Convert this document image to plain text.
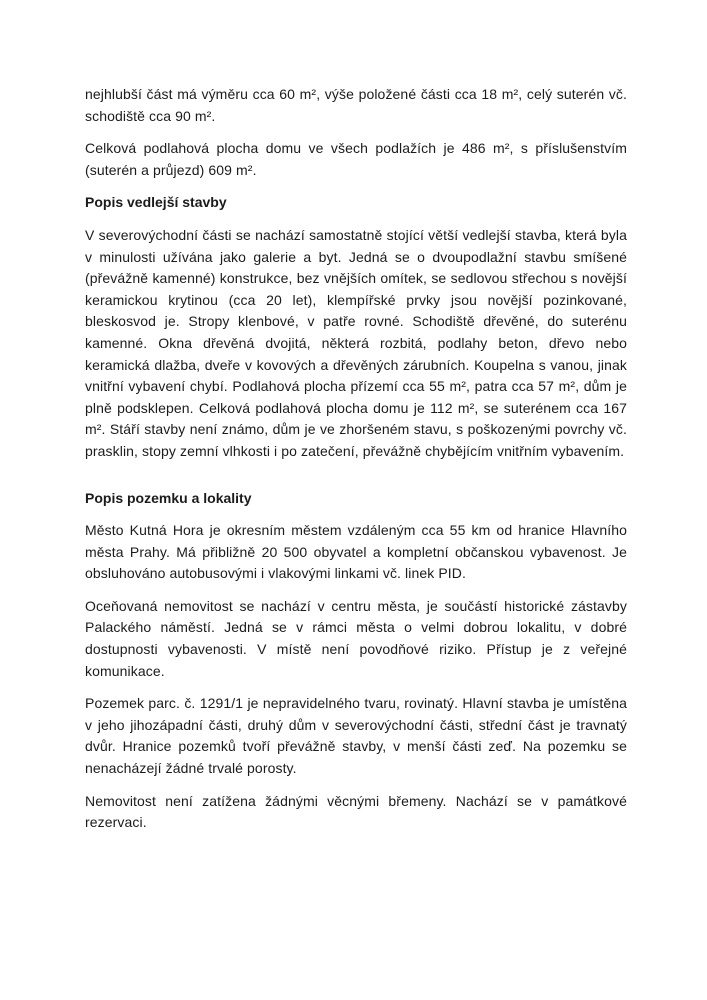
nejhlubší část má výměru cca 60 m², výše položené části cca 18 m², celý suterén vč. schodiště cca 90 m².

Celková podlahová plocha domu ve všech podlažích je 486 m², s příslušenstvím (suterén a průjezd) 609 m².

Popis vedlejší stavby

V severovýchodní části se nachází samostatně stojící větší vedlejší stavba, která byla v minulosti užívána jako galerie a byt. Jedná se o dvoupodlažní stavbu smíšené (převážně kamenné) konstrukce, bez vnějších omítek, se sedlovou střechou s novější keramickou krytinou (cca 20 let), klempířské prvky jsou novější pozinkované, bleskosvod je. Stropy klenbové, v patře rovné. Schodiště dřevěné, do suterénu kamenné. Okna dřevěná dvojitá, některá rozbitá, podlahy beton, dřevo nebo keramická dlažba, dveře v kovových a dřevěných zárubních. Koupelna s vanou, jinak vnitřní vybavení chybí. Podlahová plocha přízemí cca 55 m², patra cca 57 m², dům je plně podsklepen. Celková podlahová plocha domu je 112 m², se suterénem cca 167 m². Stáří stavby není známo, dům je ve zhoršeném stavu, s poškozenými povrchy vč. prasklin, stopy zemní vlhkosti i po zatečení, převážně chybějícím vnitřním vybavením.

Popis pozemku a lokality

Město Kutná Hora je okresním městem vzdáleným cca 55 km od hranice Hlavního města Prahy. Má přibližně 20 500 obyvatel a kompletní občanskou vybavenost. Je obsluhováno autobusovými i vlakovými linkami vč. linek PID.

Oceňovaná nemovitost se nachází v centru města, je součástí historické zástavby Palackého náměstí. Jedná se v rámci města o velmi dobrou lokalitu, v dobré dostupnosti vybavenosti. V místě není povodňové riziko. Přístup je z veřejné komunikace.

Pozemek parc. č. 1291/1 je nepravidelného tvaru, rovinatý. Hlavní stavba je umístěna v jeho jihozápadní části, druhý dům v severovýchodní části, střední část je travnatý dvůr. Hranice pozemků tvoří převážně stavby, v menší části zeď. Na pozemku se nenacházejí žádné trvalé porosty.

Nemovitost není zatížena žádnými věcnými břemeny. Nachází se v památkové rezervaci.
